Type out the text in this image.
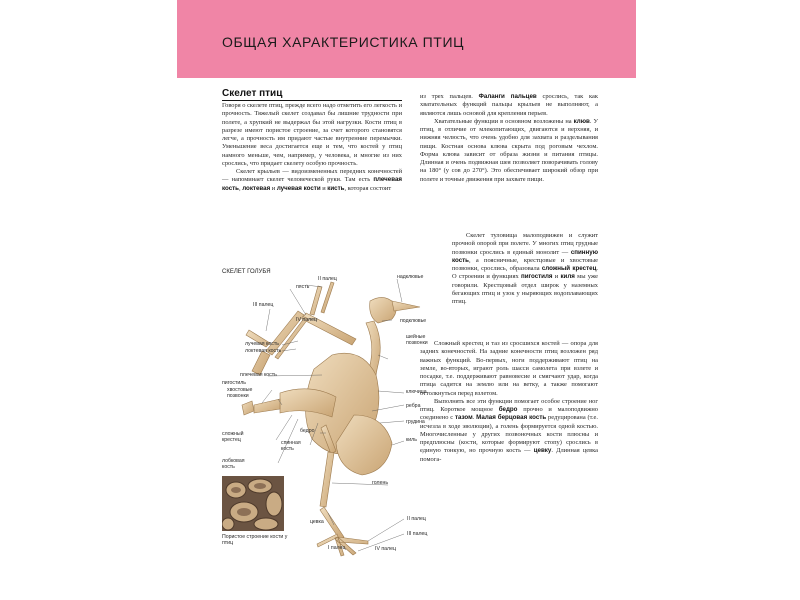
ОБЩАЯ ХАРАКТЕРИСТИКА ПТИЦ
Скелет птиц

Говоря о скелете птиц, прежде всего надо отметить его легкость и прочность. Тяжелый скелет создавал бы лишние трудности при полете, а хрупкий не выдержал бы этой нагрузки. Кости птиц в разрезе имеют пористое строение, за счет которого становятся легче, а прочность им придают частые внутренние перемычки. Уменьшение веса достигается еще и тем, что костей у птиц намного меньше, чем, например, у человека, и многие из них срослись, что придает скелету особую прочность.

Скелет крыльев — видоизмененных передних конечностей — напоминает скелет человеческой руки. Там есть плечевая кость, локтевая и лучевая кости и кисть, которая состоит

из трех пальцев. Фаланги пальцев срослись, так как хватательных функций пальцы крыльев не выполняют, а являются лишь основой для крепления перьев.

Хватательные функции в основном возложены на клюв. У птиц, в отличие от млекопитающих, двигаются и верхняя, и нижняя челюсть, что очень удобно для захвата и разделывания пищи. Костная основа клюва скрыта под роговым чехлом. Форма клюва зависит от образа жизни и питания птицы. Длинная и очень подвижная шея позволяет поворачивать голову на 180° (у сов до 270°). Это обеспечивает широкий обзор при полете и точные движения при захвате пищи.

Скелет туловища малоподвижен и служит прочной опорой при полете. У многих птиц грудные позвонки срослись в единый монолит — спинную кость, а поясничные, крестцовые и хвостовые позвонки, срослись, образовала сложный крестец. О строении и функциях пигостиля и киля мы уже говорили. Крестцовый отдел широк у наземных бегающих птиц и узок у ныряющих водоплавающих птиц.

Сложный крестец и таз из сросшихся костей — опора для задних конечностей. На задние конечности птиц возложен ряд важных функций. Во-первых, ноги поддерживают птиц на земле, во-вторых, играют роль шасси самолета при взлете и посадке, т.е. поддерживают равновесие и смягчают удар, когда птица садится на землю или на ветку, а также помогают оттолкнуться перед взлетом.

Выполнять все эти функции помогает особое строение ног птиц. Короткое мощное бедро прочно и малоподвижно соединено с тазом. Малая берцовая кость редуцирована (т.е. исчезла в ходе эволюции), а голень формируется одной костью. Многочисленные у других позвоночных кости плюсны и предплюсны (кости, которые формируют стопу) срослись в единую тонкую, но прочную кость — цевку. Длинная цевка помога-

СКЕЛЕТ ГОЛУБЯ
II палец	надклювье
пясть
III палец
IV палец	подклювье
лучевая кость
локтевая кость
шейные позвонки
плечевая кость
пигостиль
хвостовые позвонки
ключица
ребра
сложный крестец
бедро
грудина
спинная кость
киль
лобковая кость
голень
цевка	II палец
III палец
I палец	IV палец
Пористое строение кости у птиц
